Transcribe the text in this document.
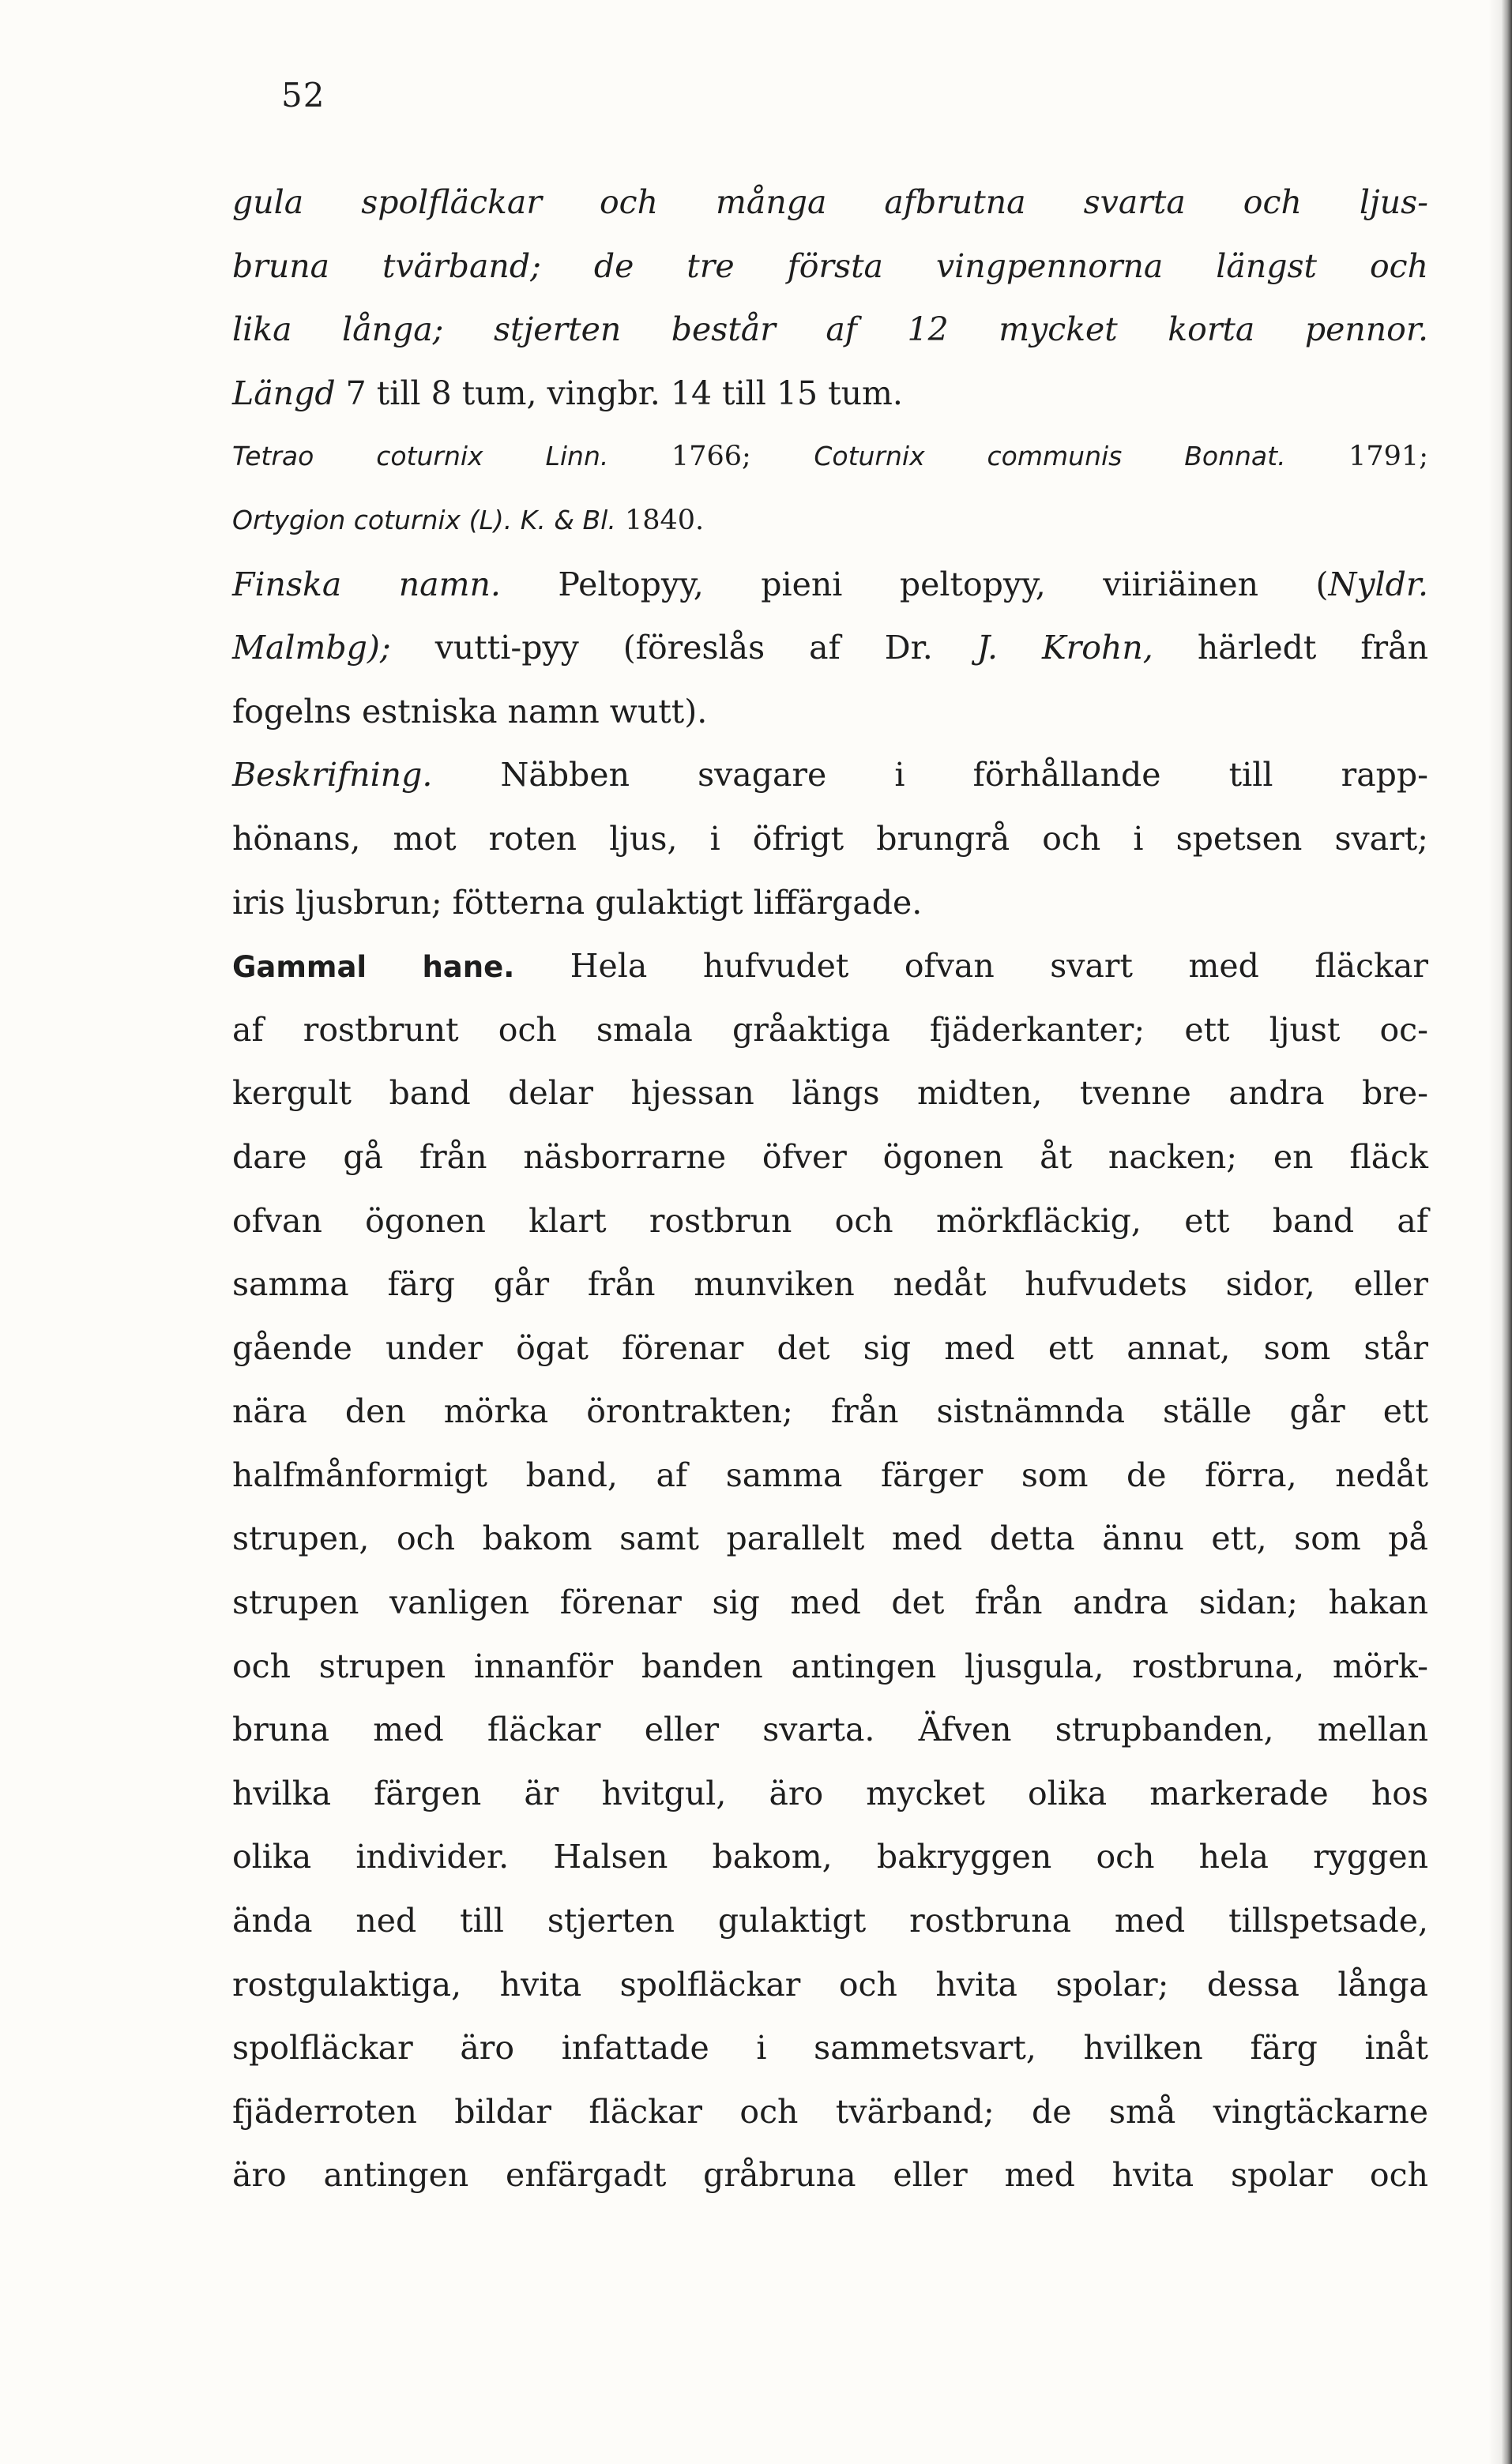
52
gula spolfläckar och många afbrutna svarta och ljus-
bruna tvärband; de tre första vingpennorna längst och
lika långa; stjerten består af 12 mycket korta pennor.
Längd 7 till 8 tum, vingbr. 14 till 15 tum.
Tetrao coturnix Linn. 1766; Coturnix communis Bonnat. 1791;
Ortygion coturnix (L). K. & Bl. 1840.
Finska namn. Peltopyy, pieni peltopyy, viiriäinen (Nyldr.
Malmbg); vutti-pyy (föreslås af Dr. J. Krohn, härledt från
fogelns estniska namn wutt).
Beskrifning. Näbben svagare i förhållande till rapp-
hönans, mot roten ljus, i öfrigt brungrå och i spetsen svart;
iris ljusbrun; fötterna gulaktigt liffärgade.
Gammal hane. Hela hufvudet ofvan svart med fläckar
af rostbrunt och smala gråaktiga fjäderkanter; ett ljust oc-
kergult band delar hjessan längs midten, tvenne andra bre-
dare gå från näsborrarne öfver ögonen åt nacken; en fläck
ofvan ögonen klart rostbrun och mörkfläckig, ett band af
samma färg går från munviken nedåt hufvudets sidor, eller
gående under ögat förenar det sig med ett annat, som står
nära den mörka örontrakten; från sistnämnda ställe går ett
halfmånformigt band, af samma färger som de förra, nedåt
strupen, och bakom samt parallelt med detta ännu ett, som på
strupen vanligen förenar sig med det från andra sidan; hakan
och strupen innanför banden antingen ljusgula, rostbruna, mörk-
bruna med fläckar eller svarta. Äfven strupbanden, mellan
hvilka färgen är hvitgul, äro mycket olika markerade hos
olika individer. Halsen bakom, bakryggen och hela ryggen
ända ned till stjerten gulaktigt rostbruna med tillspetsade,
rostgulaktiga, hvita spolfläckar och hvita spolar; dessa långa
spolfläckar äro infattade i sammetsvart, hvilken färg inåt
fjäderroten bildar fläckar och tvärband; de små vingtäckarne
äro antingen enfärgadt gråbruna eller med hvita spolar och
